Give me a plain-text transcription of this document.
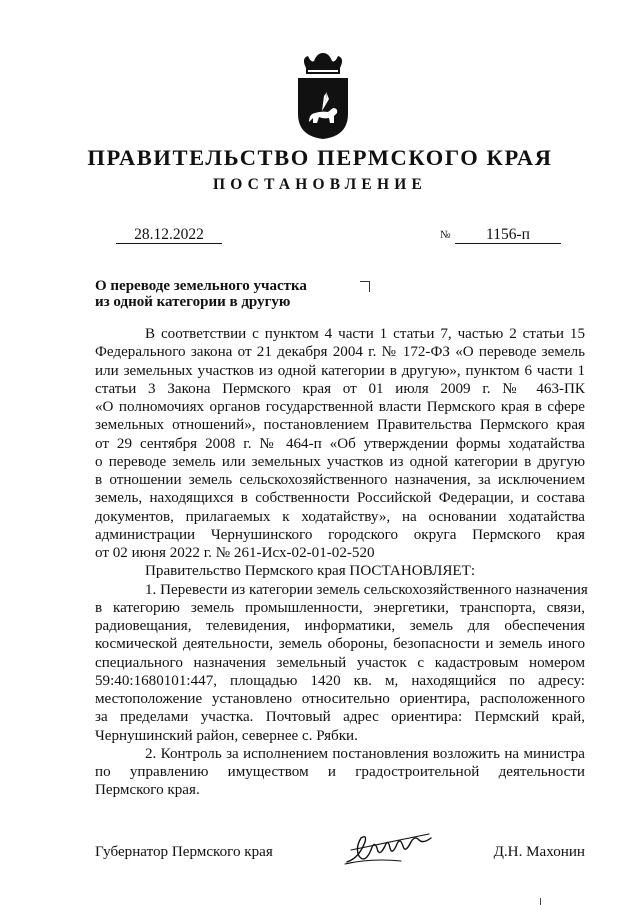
ПРАВИТЕЛЬСТВО ПЕРМСКОГО КРАЯ
ПОСТАНОВЛЕНИЕ
28.12.2022	№	1156-п
О переводе земельного участка
из одной категории в другую
В соответствии с пунктом 4 части 1 статьи 7, частью 2 статьи 15
Федерального закона от 21 декабря 2004 г. № 172-ФЗ «О переводе земель
или земельных участков из одной категории в другую», пунктом 6 части 1
статьи 3 Закона Пермского края от 01 июля 2009 г. № 463-ПК
«О полномочиях органов государственной власти Пермского края в сфере
земельных отношений», постановлением Правительства Пермского края
от 29 сентября 2008 г. № 464-п «Об утверждении формы ходатайства
о переводе земель или земельных участков из одной категории в другую
в отношении земель сельскохозяйственного назначения, за исключением
земель, находящихся в собственности Российской Федерации, и состава
документов, прилагаемых к ходатайству», на основании ходатайства
администрации Чернушинского городского округа Пермского края
от 02 июня 2022 г. № 261-Исх-02-01-02-520
Правительство Пермского края ПОСТАНОВЛЯЕТ:
1. Перевести из категории земель сельскохозяйственного назначения
в категорию земель промышленности, энергетики, транспорта, связи,
радиовещания, телевидения, информатики, земель для обеспечения
космической деятельности, земель обороны, безопасности и земель иного
специального назначения земельный участок с кадастровым номером
59:40:1680101:447, площадью 1420 кв. м, находящийся по адресу:
местоположение установлено относительно ориентира, расположенного
за пределами участка. Почтовый адрес ориентира: Пермский край,
Чернушинский район, севернее с. Рябки.
2. Контроль за исполнением постановления возложить на министра
по управлению имуществом и градостроительной деятельности
Пермского края.
Губернатор Пермского края	Д.Н. Махонин
